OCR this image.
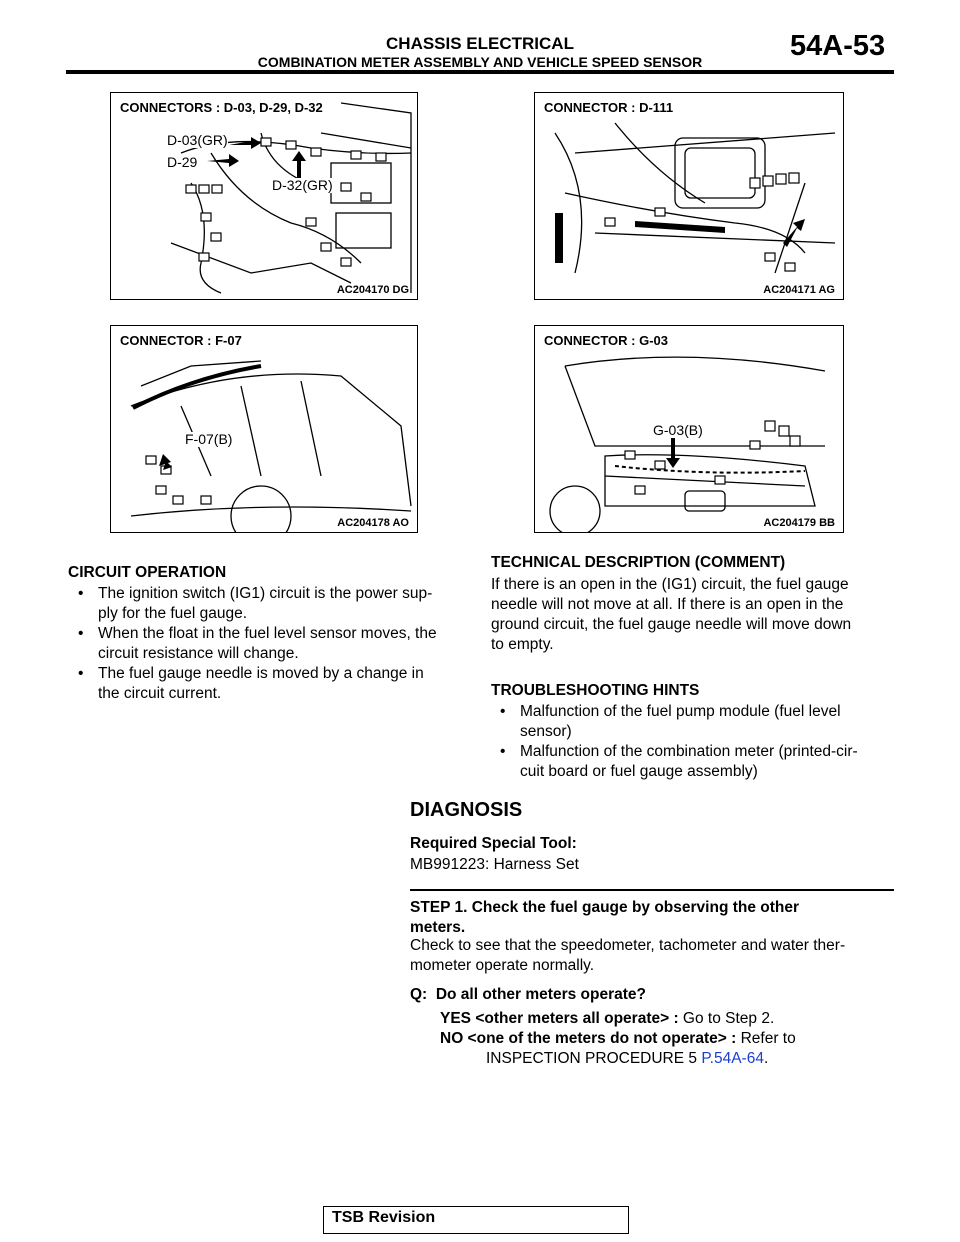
CHASSIS ELECTRICAL
COMBINATION METER ASSEMBLY AND VEHICLE SPEED SENSOR	54A-53
CONNECTORS : D-03, D-29, D-32
D-03(GR)
D-29
D-32(GR)
AC204170 DG
CONNECTOR : D-111
AC204171 AG
CONNECTOR : F-07
F-07(B)
AC204178 AO
CONNECTOR : G-03
G-03(B)
AC204179 BB
CIRCUIT OPERATION
• The ignition switch (IG1) circuit is the power sup-
ply for the fuel gauge.
• When the float in the fuel level sensor moves, the
circuit resistance will change.
• The fuel gauge needle is moved by a change in
the circuit current.
TECHNICAL DESCRIPTION (COMMENT)
If there is an open in the (IG1) circuit, the fuel gauge
needle will not move at all. If there is an open in the
ground circuit, the fuel gauge needle will move down
to empty.
TROUBLESHOOTING HINTS
• Malfunction of the fuel pump module (fuel level
sensor)
• Malfunction of the combination meter (printed-cir-
cuit board or fuel gauge assembly)
DIAGNOSIS
Required Special Tool:
MB991223: Harness Set
STEP 1. Check the fuel gauge by observing the other
meters.
Check to see that the speedometer, tachometer and water ther-
mometer operate normally.
Q:  Do all other meters operate?
YES <other meters all operate> : Go to Step 2.
NO <one of the meters do not operate> : Refer to
INSPECTION PROCEDURE 5 P.54A-64.
TSB Revision
